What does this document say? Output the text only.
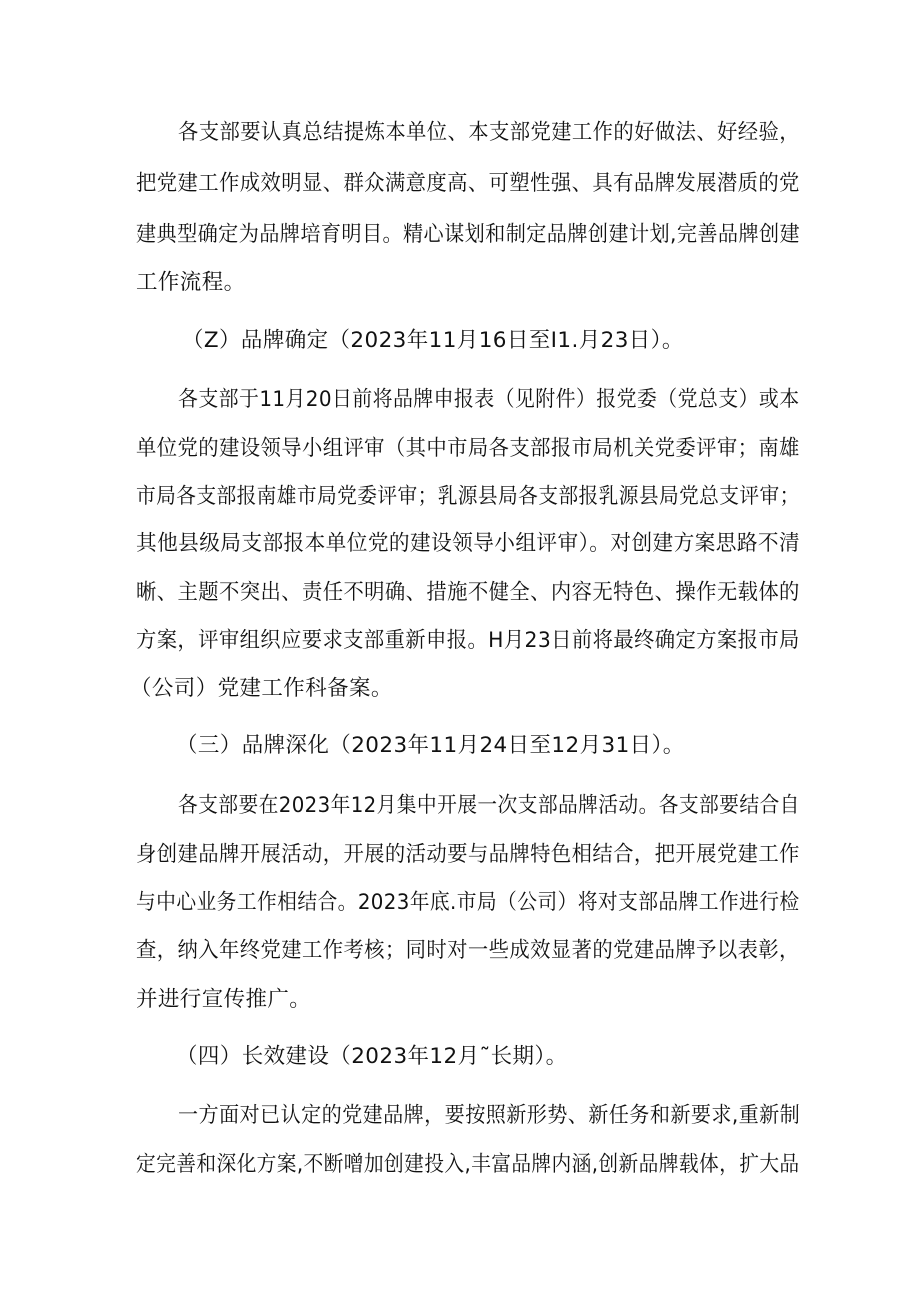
各支部要认真总结提炼本单位、本支部党建工作的好做法、好经验，
把党建工作成效明显、群众满意度高、可塑性强、具有品牌发展潜质的党
建典型确定为品牌培育明目。精心谋划和制定品牌创建计划,完善品牌创建
工作流程。
（Z）品牌确定（2023年11月16日至I1.月23日）。
各支部于11月20日前将品牌申报表（见附件）报党委（党总支）或本
单位党的建设领导小组评审（其中市局各支部报市局机关党委评审；南雄
市局各支部报南雄市局党委评审；乳源县局各支部报乳源县局党总支评审；
其他县级局支部报本单位党的建设领导小组评审）。对创建方案思路不清
晰、主题不突出、责任不明确、措施不健全、内容无特色、操作无载体的
方案，评审组织应要求支部重新申报。H月23日前将最终确定方案报市局
（公司）党建工作科备案。
（三）品牌深化（2023年11月24日至12月31日）。
各支部要在2023年12月集中开展一次支部品牌活动。各支部要结合自
身创建品牌开展活动，开展的活动要与品牌特色相结合，把开展党建工作
与中心业务工作相结合。2023年底.市局（公司）将对支部品牌工作进行检
查，纳入年终党建工作考核；同时对一些成效显著的党建品牌予以表彰，
并进行宣传推广。
（四）长效建设（2023年12月˜长期）。
一方面对已认定的党建品牌，要按照新形势、新任务和新要求,重新制
定完善和深化方案,不断噌加创建投入,丰富品牌内涵,创新品牌载体，扩大品
